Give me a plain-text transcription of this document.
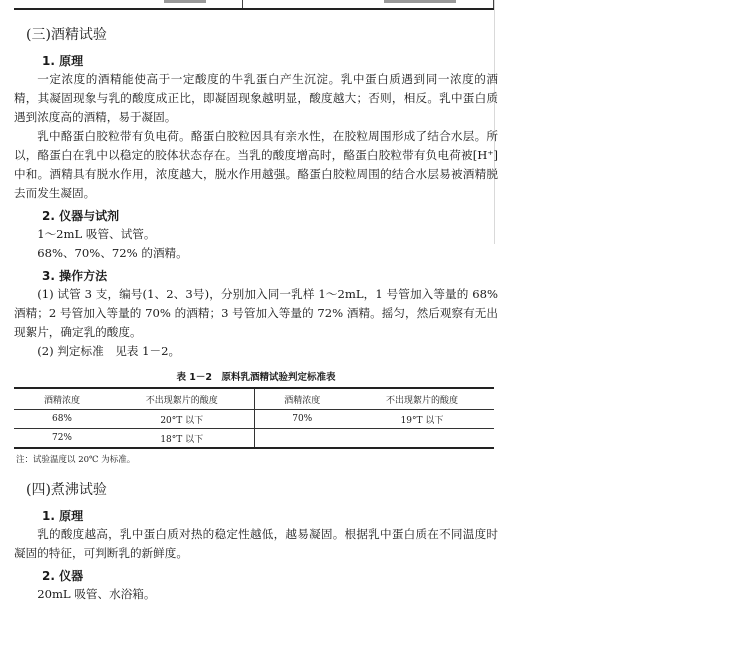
(三)酒精试验
1. 原理

一定浓度的酒精能使高于一定酸度的牛乳蛋白产生沉淀。乳中蛋白质遇到同一浓度的酒精，其凝固现象与乳的酸度成正比，即凝固现象越明显，酸度越大；否则，相反。乳中蛋白质遇到浓度高的酒精，易于凝固。

乳中酪蛋白胶粒带有负电荷。酪蛋白胶粒因具有亲水性，在胶粒周围形成了结合水层。所以，酪蛋白在乳中以稳定的胶体状态存在。当乳的酸度增高时，酪蛋白胶粒带有负电荷被[H⁺]中和。酒精具有脱水作用，浓度越大，脱水作用越强。酪蛋白胶粒周围的结合水层易被酒精脱去而发生凝固。

2. 仪器与试剂

1～2mL 吸管、试管。

68%、70%、72% 的酒精。

3. 操作方法

(1) 试管 3 支，编号(1、2、3号)，分别加入同一乳样 1～2mL，1 号管加入等量的 68% 酒精；2 号管加入等量的 70% 的酒精；3 号管加入等量的 72% 酒精。摇匀，然后观察有无出现絮片，确定乳的酸度。

(2) 判定标准　见表 1－2。

表 1－2　原料乳酒精试验判定标准表
酒精浓度	不出现絮片的酸度	酒精浓度	不出现絮片的酸度
68%	20°T 以下	70%	19°T 以下
72%	18°T 以下		
注：试验温度以 20℃ 为标准。
(四)煮沸试验
1. 原理

乳的酸度越高，乳中蛋白质对热的稳定性越低，越易凝固。根据乳中蛋白质在不同温度时凝固的特征，可判断乳的新鲜度。

2. 仪器

20mL 吸管、水浴箱。
